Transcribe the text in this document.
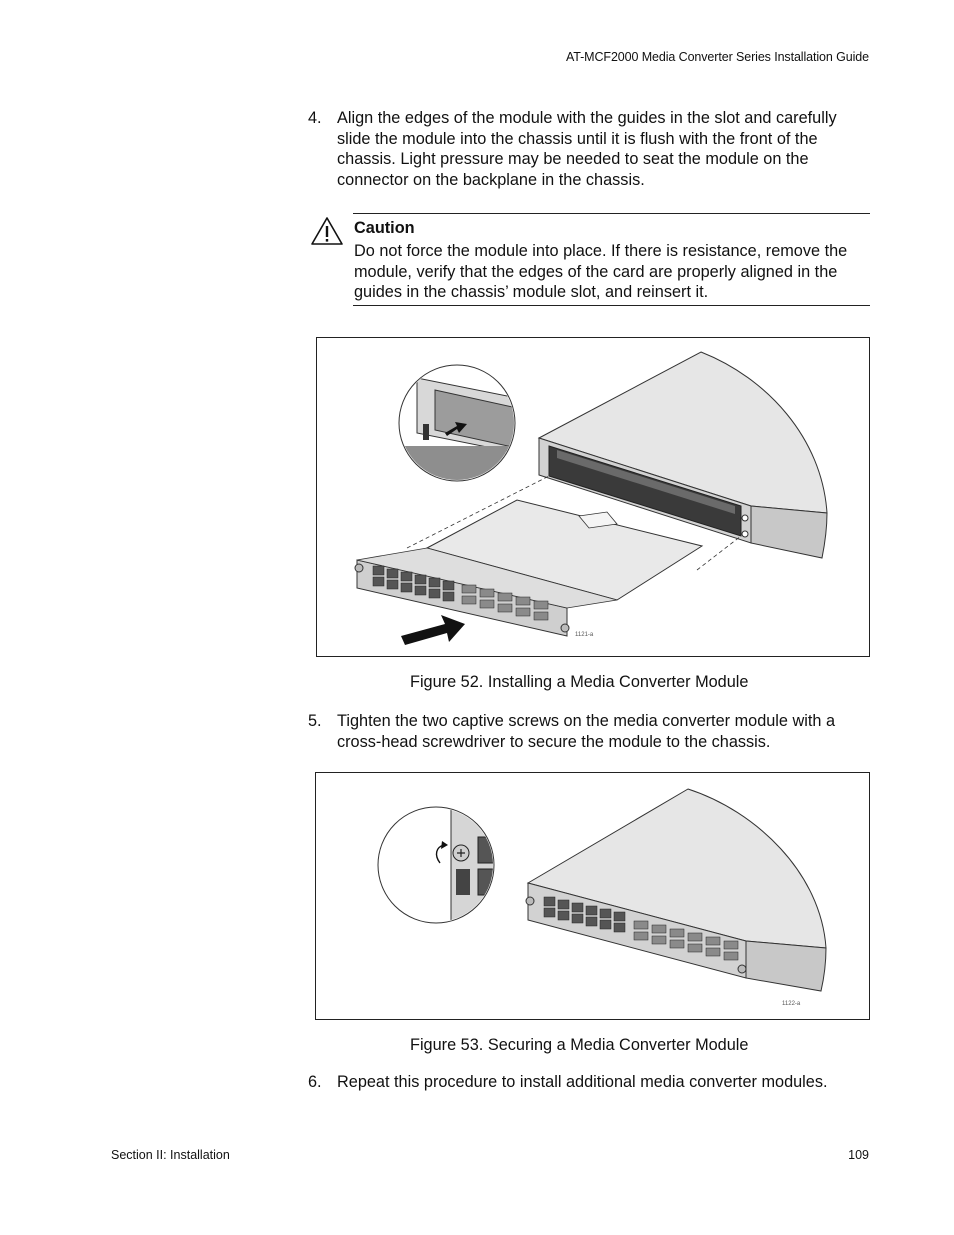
AT-MCF2000 Media Converter Series Installation Guide
4. Align the edges of the module with the guides in the slot and carefully slide the module into the chassis until it is flush with the front of the chassis. Light pressure may be needed to seat the module on the connector on the backplane in the chassis.
Caution
Do not force the module into place. If there is resistance, remove the module, verify that the edges of the card are properly aligned in the guides in the chassis’ module slot, and reinsert it.
1121-a
Figure 52. Installing a Media Converter Module
5. Tighten the two captive screws on the media converter module with a cross-head screwdriver to secure the module to the chassis.
1122-a
Figure 53. Securing a Media Converter Module
6. Repeat this procedure to install additional media converter modules.
Section II: Installation	109
